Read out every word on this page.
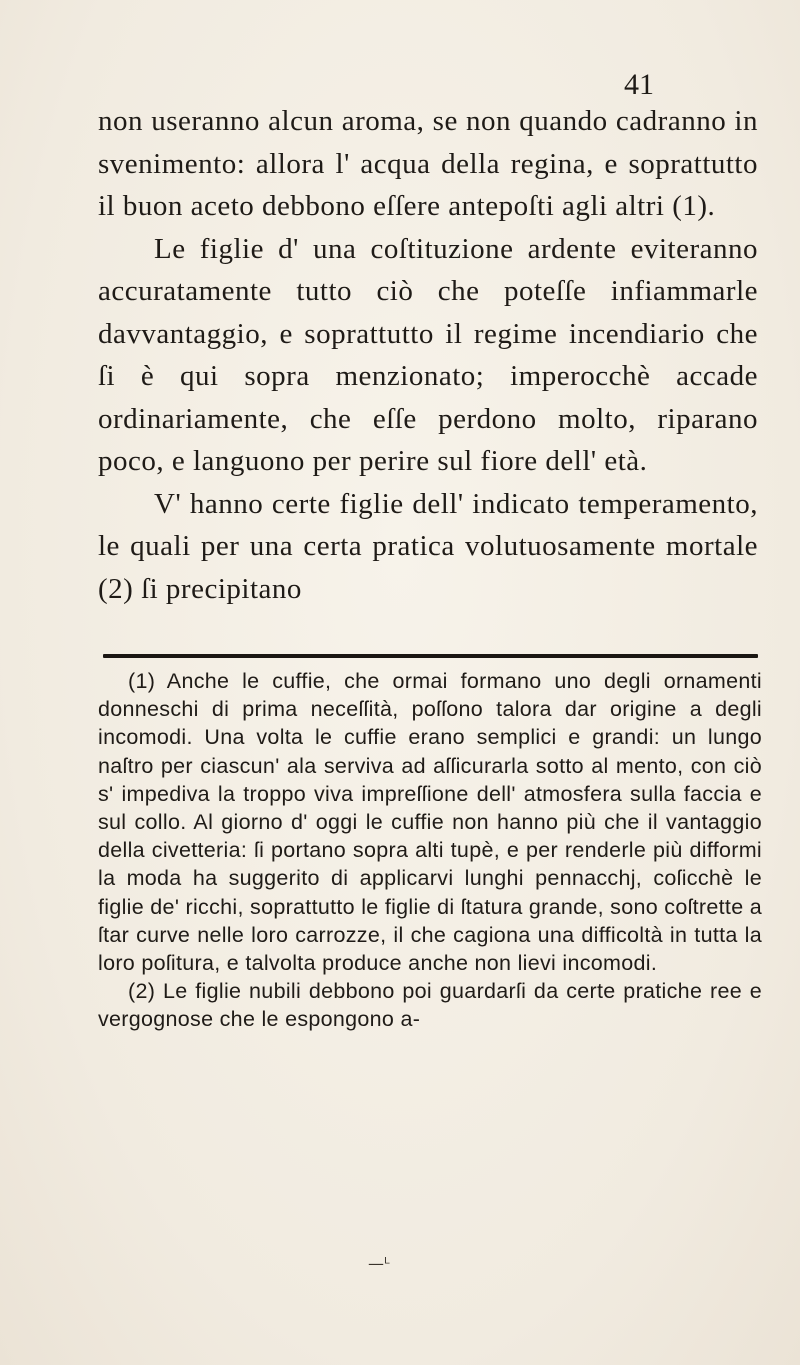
41

non useranno alcun aroma, se non quando cadranno in svenimento: allora l' acqua della regina, e soprattutto il buon aceto debbono eſſere antepoſti agli altri (1).

Le figlie d' una coſtituzione ardente eviteranno accuratamente tutto ciò che poteſſe infiammarle davvantaggio, e soprattutto il regime incendiario che ſi è qui sopra menzionato; imperocchè accade ordinariamente, che eſſe perdono molto, riparano poco, e languono per perire sul fiore dell' età.

V' hanno certe figlie dell' indicato temperamento, le quali per una certa pratica volutuosamente mortale (2) ſi precipitano

(1) Anche le cuffie, che ormai formano uno degli ornamenti donneschi di prima neceſſità, poſſono talora dar origine a degli incomodi. Una volta le cuffie erano semplici e grandi: un lungo naſtro per ciascun' ala serviva ad aſſicurarla sotto al mento, con ciò s' impediva la troppo viva impreſſione dell' atmosfera sulla faccia e sul collo. Al giorno d' oggi le cuffie non hanno più che il vantaggio della civetteria: ſi portano sopra alti tupè, e per renderle più difformi la moda ha suggerito di applicarvi lunghi pennacchj, coſicchè le figlie de' ricchi, soprattutto le figlie di ſtatura grande, sono coſtrette a ſtar curve nelle loro carrozze, il che cagiona una difficoltà in tutta la loro poſitura, e talvolta produce anche non lievi incomodi.

(2) Le figlie nubili debbono poi guardarſi da certe pratiche ree e vergognose che le espongono a-

—ᴸ
